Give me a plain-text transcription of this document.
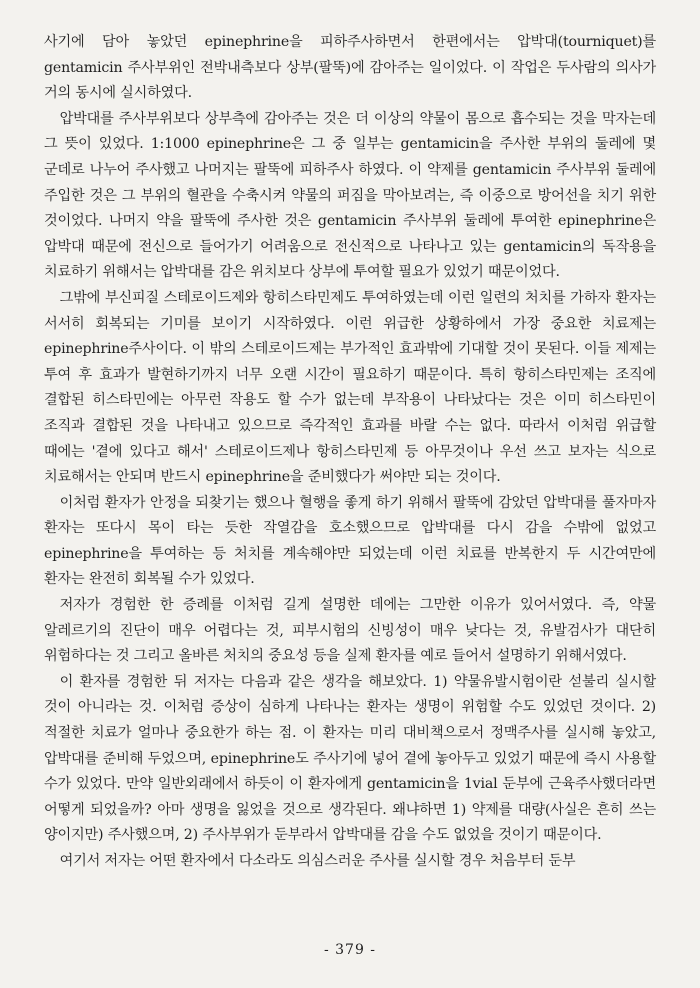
사기에 담아 놓았던 epinephrine을 피하주사하면서 한편에서는 압박대(tourniquet)를 gentamicin 주사부위인 전박내측보다 상부(팔뚝)에 감아주는 일이었다. 이 작업은 두사람의 의사가 거의 동시에 실시하였다.

압박대를 주사부위보다 상부측에 감아주는 것은 더 이상의 약물이 몸으로 흡수되는 것을 막자는데 그 뜻이 있었다. 1:1000 epinephrine은 그 중 일부는 gentamicin을 주사한 부위의 둘레에 몇 군데로 나누어 주사했고 나머지는 팔뚝에 피하주사 하였다. 이 약제를 gentamicin 주사부위 둘레에 주입한 것은 그 부위의 혈관을 수축시켜 약물의 퍼짐을 막아보려는, 즉 이중으로 방어선을 치기 위한 것이었다. 나머지 약을 팔뚝에 주사한 것은 gentamicin 주사부위 둘레에 투여한 epinephrine은 압박대 때문에 전신으로 들어가기 어려움으로 전신적으로 나타나고 있는 gentamicin의 독작용을 치료하기 위해서는 압박대를 감은 위치보다 상부에 투여할 필요가 있었기 때문이었다.

그밖에 부신피질 스테로이드제와 항히스타민제도 투여하였는데 이런 일련의 처치를 가하자 환자는 서서히 회복되는 기미를 보이기 시작하였다. 이런 위급한 상황하에서 가장 중요한 치료제는 epinephrine주사이다. 이 밖의 스테로이드제는 부가적인 효과밖에 기대할 것이 못된다. 이들 제제는 투여 후 효과가 발현하기까지 너무 오랜 시간이 필요하기 때문이다. 특히 항히스타민제는 조직에 결합된 히스타민에는 아무런 작용도 할 수가 없는데 부작용이 나타났다는 것은 이미 히스타민이 조직과 결합된 것을 나타내고 있으므로 즉각적인 효과를 바랄 수는 없다. 따라서 이처럼 위급할 때에는 '곁에 있다고 해서' 스테로이드제나 항히스타민제 등 아무것이나 우선 쓰고 보자는 식으로 치료해서는 안되며 반드시 epinephrine을 준비했다가 써야만 되는 것이다.

이처럼 환자가 안정을 되찾기는 했으나 혈행을 좋게 하기 위해서 팔뚝에 감았던 압박대를 풀자마자 환자는 또다시 목이 타는 듯한 작열감을 호소했으므로 압박대를 다시 감을 수밖에 없었고 epinephrine을 투여하는 등 처치를 계속해야만 되었는데 이런 치료를 반복한지 두 시간여만에 환자는 완전히 회복될 수가 있었다.

저자가 경험한 한 증례를 이처럼 길게 설명한 데에는 그만한 이유가 있어서였다. 즉, 약물 알레르기의 진단이 매우 어렵다는 것, 피부시험의 신빙성이 매우 낮다는 것, 유발검사가 대단히 위험하다는 것 그리고 올바른 처치의 중요성 등을 실제 환자를 예로 들어서 설명하기 위해서였다.

이 환자를 경험한 뒤 저자는 다음과 같은 생각을 해보았다. 1) 약물유발시험이란 섣불리 실시할 것이 아니라는 것. 이처럼 증상이 심하게 나타나는 환자는 생명이 위험할 수도 있었던 것이다. 2) 적절한 치료가 얼마나 중요한가 하는 점. 이 환자는 미리 대비책으로서 정맥주사를 실시해 놓았고, 압박대를 준비해 두었으며, epinephrine도 주사기에 넣어 곁에 놓아두고 있었기 때문에 즉시 사용할 수가 있었다. 만약 일반외래에서 하듯이 이 환자에게 gentamicin을 1vial 둔부에 근육주사했더라면 어떻게 되었을까? 아마 생명을 잃었을 것으로 생각된다. 왜냐하면 1) 약제를 대량(사실은 흔히 쓰는 양이지만) 주사했으며, 2) 주사부위가 둔부라서 압박대를 감을 수도 없었을 것이기 때문이다.

여기서 저자는 어떤 환자에서 다소라도 의심스러운 주사를 실시할 경우 처음부터 둔부

- 379 -
